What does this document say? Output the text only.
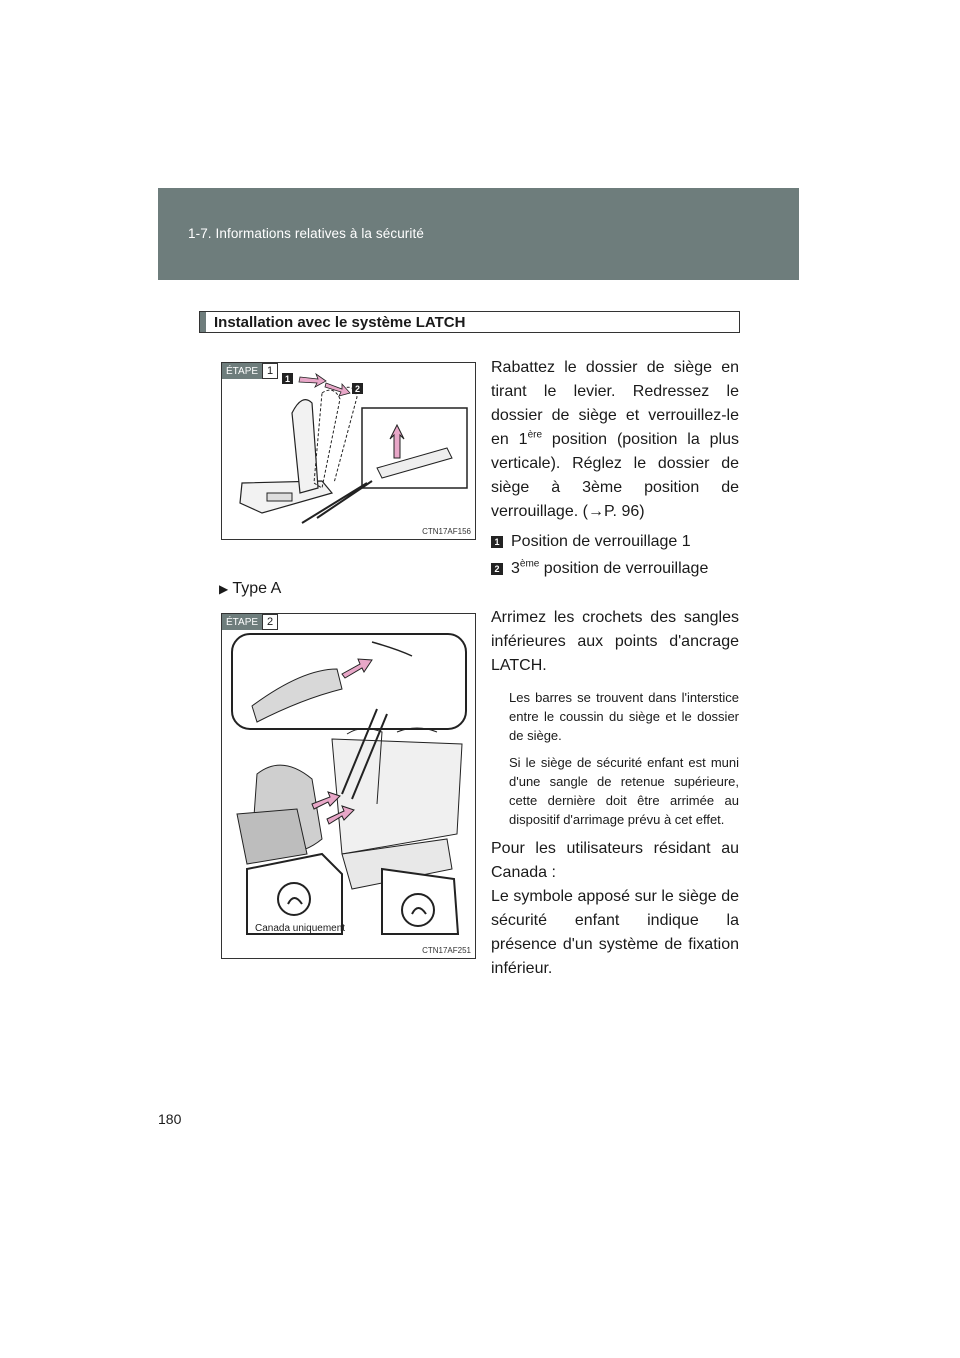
1-7. Informations relatives à la sécurité
Installation avec le système LATCH
ÉTAPE 1
1
2
CTN17AF156

Rabattez le dossier de siège en tirant le levier. Redressez le dossier de siège et verrouillez-le en 1ère position (position la plus verticale). Réglez le dossier de siège à 3ème position de verrouillage. (→P. 96)

1 Position de verrouillage 1
2 3ème position de verrouillage
▶ Type A
ÉTAPE 2
Canada uniquement
CTN17AF251

Arrimez les crochets des sangles inférieures aux points d'ancrage LATCH.

Les barres se trouvent dans l'interstice entre le coussin du siège et le dossier de siège.

Si le siège de sécurité enfant est muni d'une sangle de retenue supérieure, cette dernière doit être arrimée au dispositif d'arrimage prévu à cet effet.

Pour les utilisateurs résidant au Canada :

Le symbole apposé sur le siège de sécurité enfant indique la présence d'un système de fixation inférieur.

180
